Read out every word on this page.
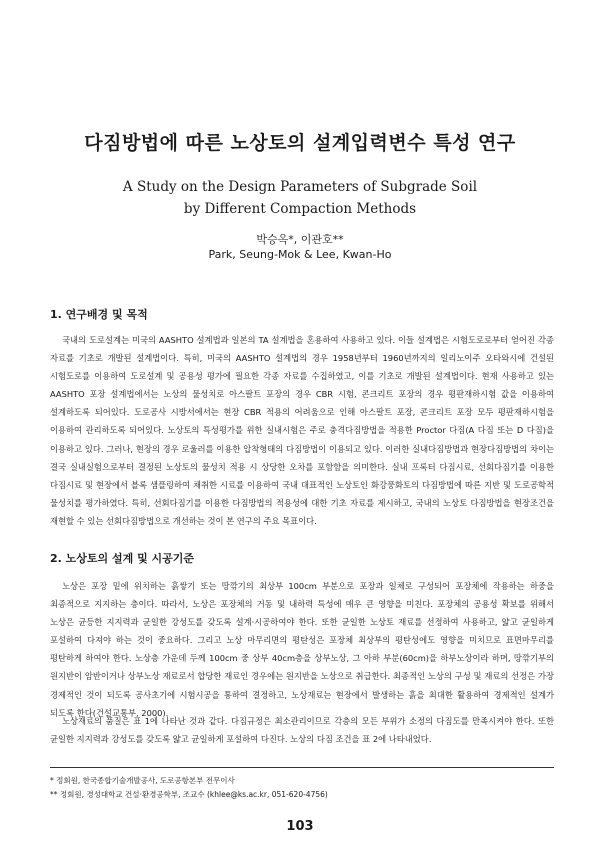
다짐방법에 따른 노상토의 설계입력변수 특성 연구

A Study on the Design Parameters of Subgrade Soil
by Different Compaction Methods

박승옥*, 이관호**

Park, Seung-Mok & Lee, Kwan-Ho

1. 연구배경 및 목적

국내의 도로설계는 미국의 AASHTO 설계법과 일본의 TA 설계법을 혼용하여 사용하고 있다. 이들 설계법은 시험도로로부터 얻어진 각종 자료를 기초로 개발된 설계법이다. 특히, 미국의 AASHTO 설계법의 경우 1958년부터 1960년까지의 일리노이주 오타와시에 건설된 시험도로를 이용하여 도로설계 및 공용성 평가에 필요한 각종 자료를 수집하였고, 이를 기초로 개발된 설계법이다. 현재 사용하고 있는 AASHTO 포장 설계법에서는 노상의 물성치로 아스팔트 포장의 경우 CBR 시험, 콘크리트 포장의 경우 평판재하시험 값을 이용하여 설계하도록 되어있다. 도로공사 시방서에서는 현장 CBR 적용의 어려움으로 인해 아스팔트 포장, 콘크리트 포장 모두 평판재하시험을 이용하여 관리하도록 되어있다. 노상토의 특성평가를 위한 실내시험은 주로 충격다짐방법을 적용한 Proctor 다짐(A 다짐 또는 D 다짐)을 이용하고 있다. 그러나, 현장의 경우 로울러를 이용한 압착형태의 다짐방법이 이용되고 있다. 이러한 실내다짐방법과 현장다짐방법의 차이는 결국 실내실험으로부터 결정된 노상토의 물성치 적용 시 상당한 오차를 포함함을 의미한다. 실내 프록터 다짐시료, 선회다짐기를 이용한 다짐시료 및 현장에서 블록 샘플링하여 채취한 시료를 이용하여 국내 대표적인 노상토인 화강풍화토의 다짐방법에 따른 지반 및 도로공학적 물성치를 평가하였다. 특히, 선회다짐기를 이용한 다짐방법의 적용성에 대한 기초 자료를 제시하고, 국내의 노상토 다짐방법을 현장조건을 재현할 수 있는 선회다짐방법으로 개선하는 것이 본 연구의 주요 목표이다.

2. 노상토의 설계 및 시공기준

노상은 포장 밑에 위치하는 흙쌓기 또는 땅깎기의 최상부 100cm 부분으로 포장과 일체로 구성되어 포장체에 작용하는 하중을 최종적으로 지지하는 층이다. 따라서, 노상은 포장체의 거동 및 내하력 특성에 매우 큰 영향을 미친다. 포장체의 공용성 확보를 위해서 노상은 균등한 지지력과 균일한 강성도를 갖도록 설계·시공하여야 한다. 또한 균일한 노상토 재료를 선정하여 사용하고, 얇고 균일하게 포설하여 다져야 하는 것이 중요하다. 그리고 노상 마무리면의 평탄성은 포장체 최상부의 평탄성에도 영향을 미치므로 표면마무리를 평탄하게 하여야 한다. 노상층 가운데 두께 100cm 중 상부 40cm층을 상부노상, 그 아하 부분(60cm)을 하부노상이라 하며, 땅깎기부의 원지반이 암반이거나 상부노상 재료로서 합당한 재료인 경우에는 원지반을 노상으로 취급한다. 최종적인 노상의 구성 및 재료의 선정은 가장 경제적인 것이 되도록 공사초기에 시험시공을 통하여 결정하고, 노상재료는 현장에서 발생하는 흙을 최대한 활용하여 경제적인 설계가 되도록 한다(건설교통부, 2000).

노상재료의 품질은 표 1에 나타난 것과 같다. 다짐규정은 최소관리이므로 각층의 모든 부위가 소정의 다짐도를 만족시켜야 한다. 또한 균일한 지지력과 강성도를 갖도록 얇고 균일하게 포설하여 다진다. 노상의 다짐 조건을 표 2에 나타내었다.

* 정회원, 한국종합기술개발공사, 도로공항본부 전무이사

** 정회원, 경성대학교 건설·환경공학부, 조교수 (khlee@ks.ac.kr, 051-620-4756)

103
